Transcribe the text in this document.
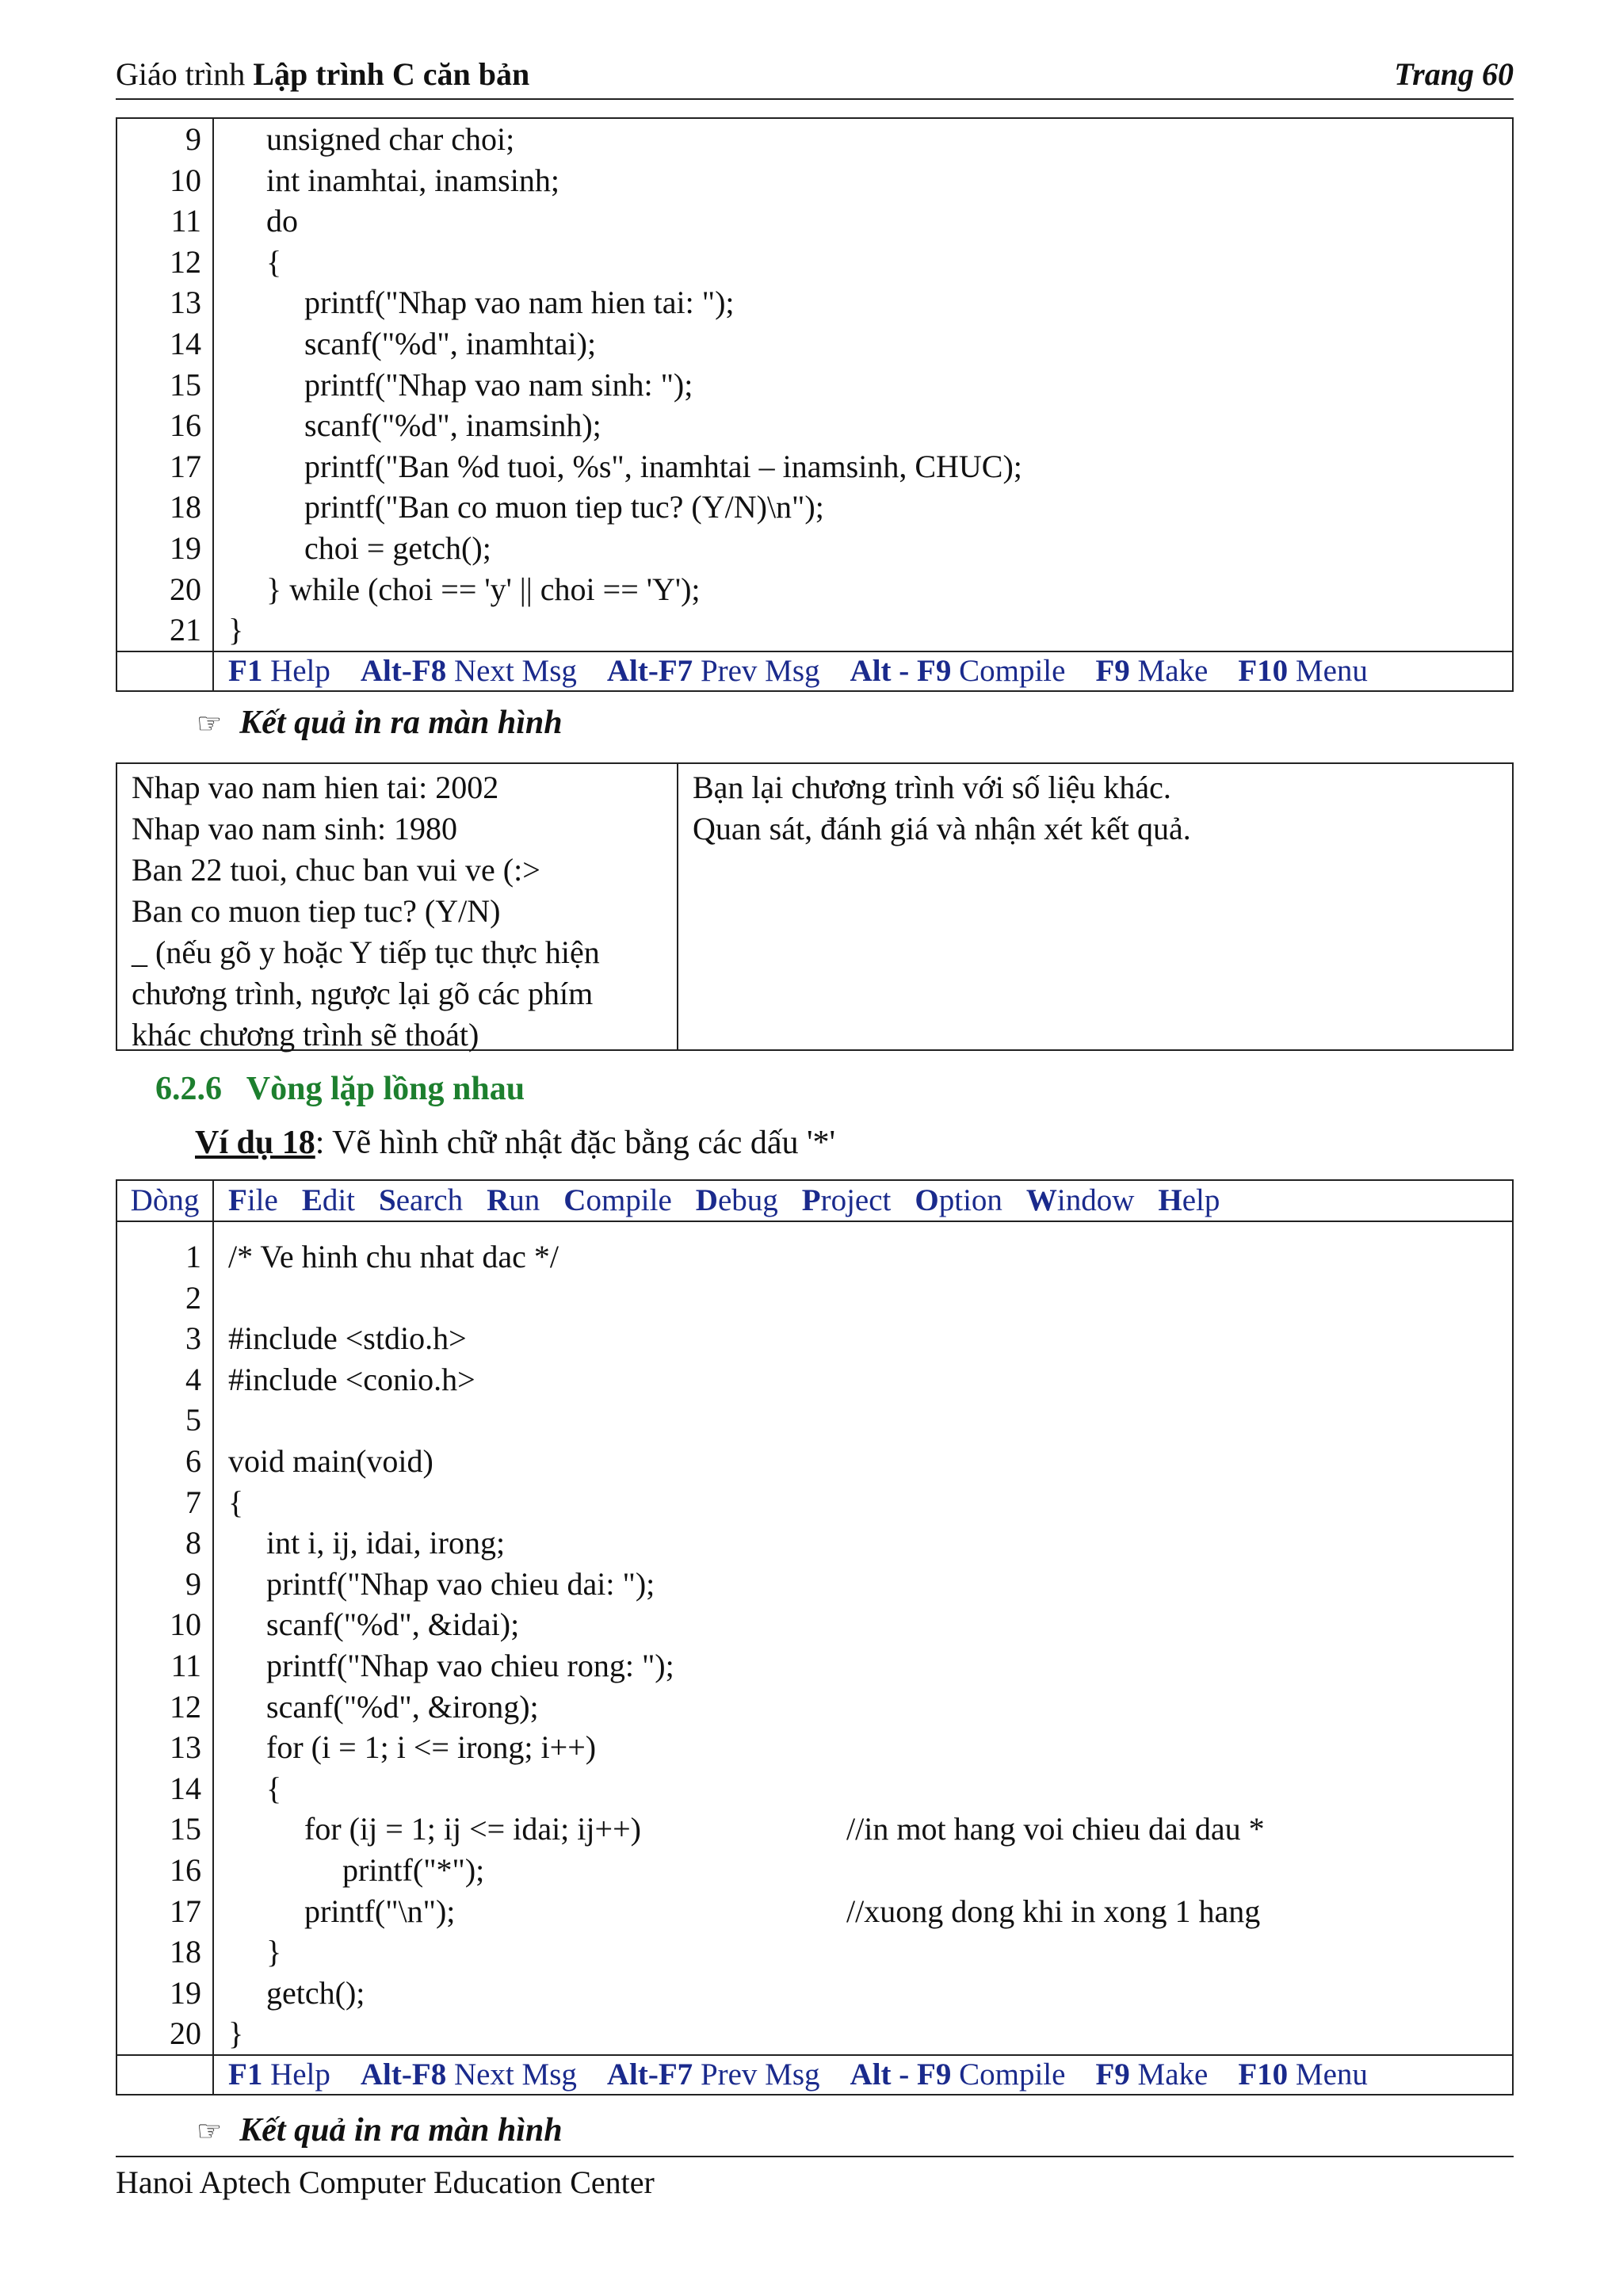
Giáo trình Lập trình C căn bản	Trang 60
9 unsigned char choi;
10 int inamhtai, inamsinh;
11 do
12 {
13	printf("Nhap vao nam hien tai: ");
14	scanf("%d", inamhtai);
15	printf("Nhap vao nam sinh: ");
16	scanf("%d", inamsinh);
17	printf("Ban %d tuoi, %s", inamhtai – inamsinh, CHUC);
18	printf("Ban co muon tiep tuc? (Y/N)\n");
19	choi = getch();
20 } while (choi == 'y' || choi == 'Y');
21 }

F1 Help Alt-F8 Next Msg Alt-F7 Prev Msg Alt - F9 Compile F9 Make F10 Menu

☞ Kết quả in ra màn hình
Nhap vao nam hien tai: 2002
Nhap vao nam sinh: 1980
Ban 22 tuoi, chuc ban vui ve (:>
Ban co muon tiep tuc? (Y/N)
_ (nếu gõ y hoặc Y tiếp tục thực hiện
chương trình, ngược lại gõ các phím
khác chương trình sẽ thoát)
Bạn lại chương trình với số liệu khác.
Quan sát, đánh giá và nhận xét kết quả.
6.2.6 Vòng lặp lồng nhau
Ví dụ 18: Vẽ hình chữ nhật đặc bằng các dấu '*'

Dòng

File Edit Search Run Compile Debug Project Option Window Help

1 /* Ve hinh chu nhat dac */
2
3 #include <stdio.h>
4 #include <conio.h>
5
6 void main(void)
7 {
8 int i, ij, idai, irong;
9 printf("Nhap vao chieu dai: ");
10 scanf("%d", &idai);
11 printf("Nhap vao chieu rong: ");
12 scanf("%d", &irong);
13 for (i = 1; i <= irong; i++)
14 {
15	for (ij = 1; ij <= idai; ij++)	//in mot hang voi chieu dai dau *
16	printf("*");
17	printf("\n");	//xuong dong khi in xong 1 hang
18 }
19 getch();
20 }

F1 Help Alt-F8 Next Msg Alt-F7 Prev Msg Alt - F9 Compile F9 Make F10 Menu

☞ Kết quả in ra màn hình
Hanoi Aptech Computer Education Center
